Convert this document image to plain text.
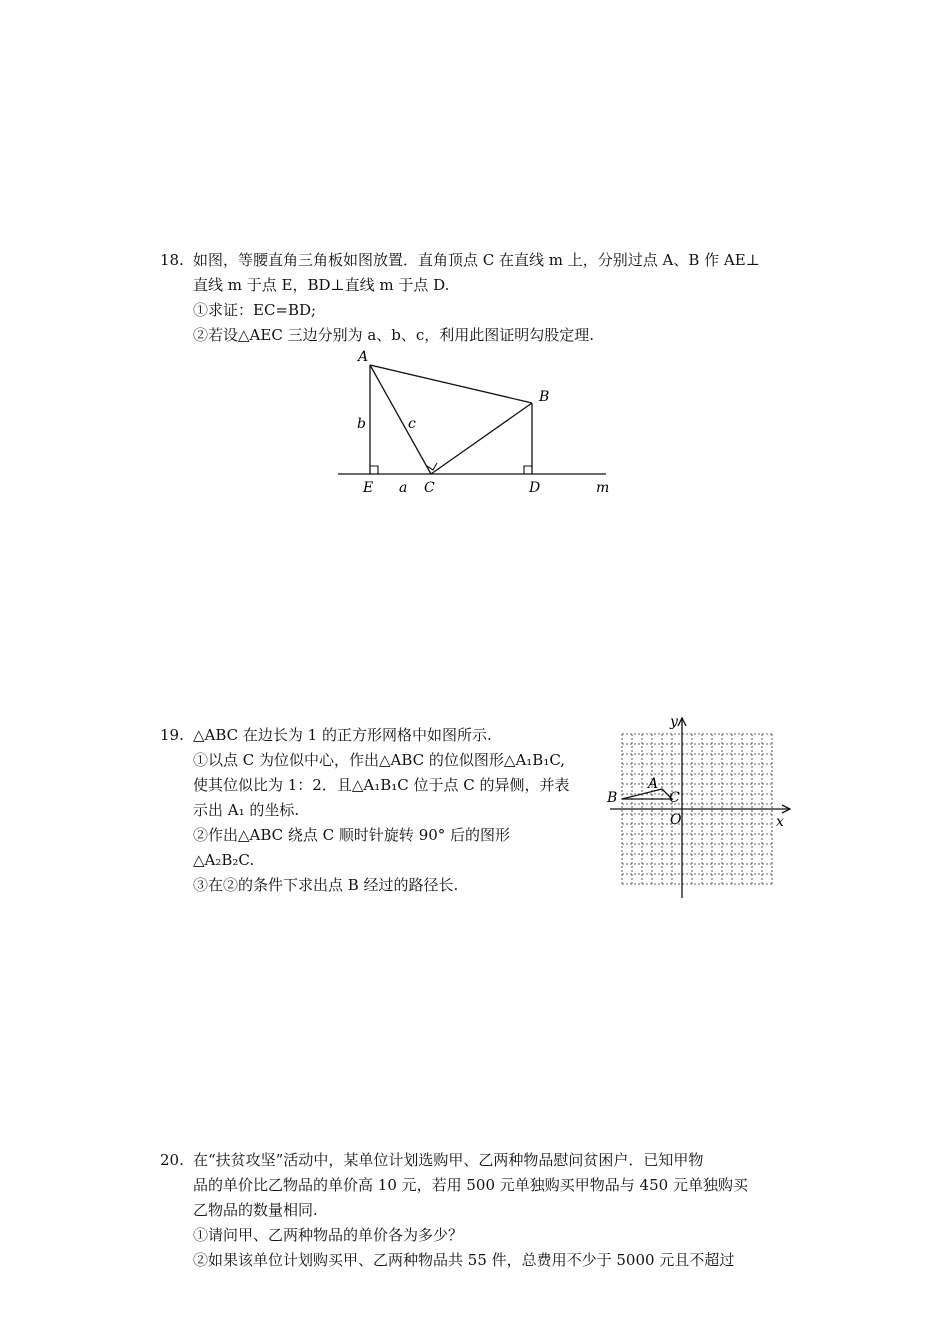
18. 如图，等腰直角三角板如图放置．直角顶点 C 在直线 m 上，分别过点 A、B 作 AE⊥
直线 m 于点 E，BD⊥直线 m 于点 D.
①求证：EC=BD;
②若设△AEC 三边分别为 a、b、c，利用此图证明勾股定理.
A
B
C	D
E	m
a
b	c
19. △ABC 在边长为 1 的正方形网格中如图所示.
①以点 C 为位似中心，作出△ABC 的位似图形△A₁B₁C,
使其位似比为 1：2．且△A₁B₁C 位于点 C 的异侧，并表
示出 A₁ 的坐标.
②作出△ABC 绕点 C 顺时针旋转 90° 后的图形
△A₂B₂C.
③在②的条件下求出点 B 经过的路径长.
A
B	C
O	x
y
20. 在“扶贫攻坚”活动中，某单位计划选购甲、乙两种物品慰问贫困户．已知甲物
品的单价比乙物品的单价高 10 元，若用 500 元单独购买甲物品与 450 元单独购买
乙物品的数量相同.
①请问甲、乙两种物品的单价各为多少？
②如果该单位计划购买甲、乙两种物品共 55 件，总费用不少于 5000 元且不超过
